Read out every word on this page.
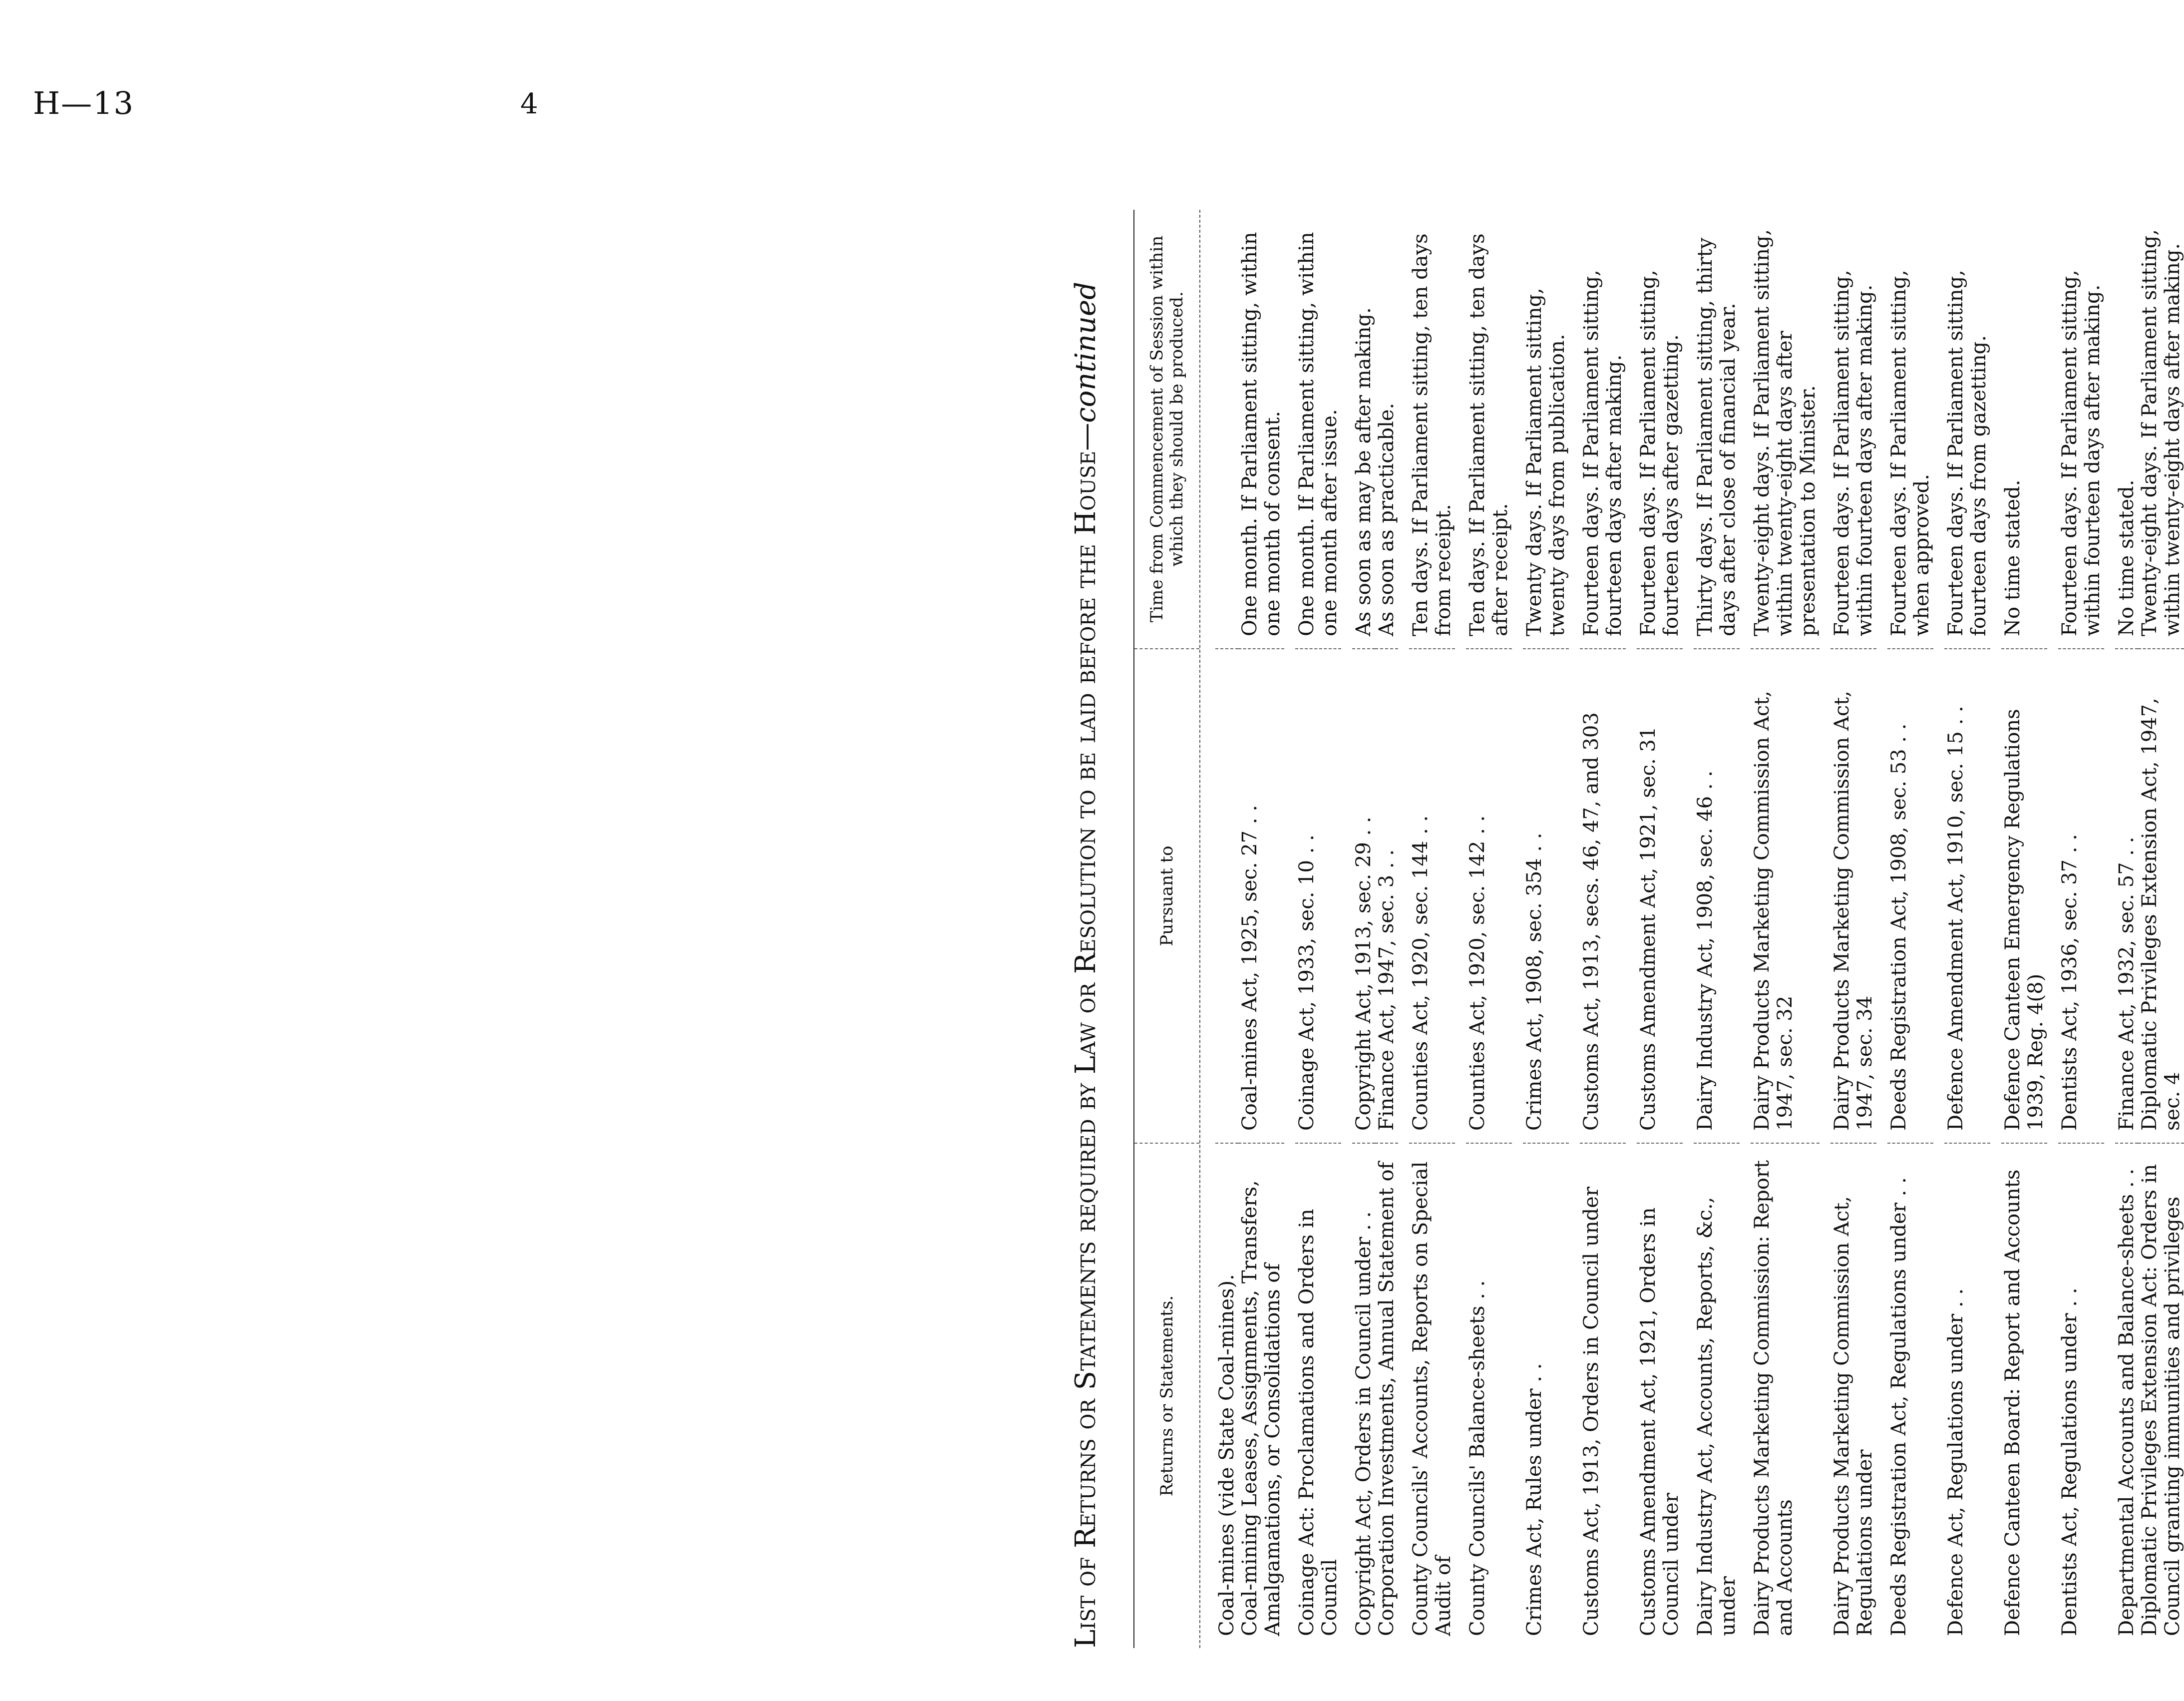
H—13	4
List of Returns or Statements required by Law or Resolution to be laid before the House—continued
Returns or Statements.
Pursuant to
Time from Commencement of Session within which they should be produced.
Coal-mines (vide State Coal-mines). Coal-mining Leases, Assignments, Transfers, Amalgamations, or Consolidations of
Coal-mines Act, 1925, sec. 27 . .
One month. If Parliament sitting, within one month of consent.
Coinage Act: Proclamations and Orders in Council
Coinage Act, 1933, sec. 10 . .
One month. If Parliament sitting, within one month after issue.
Copyright Act, Orders in Council under . .
Copyright Act, 1913, sec. 29 . .
As soon as may be after making.
Corporation Investments, Annual Statement of
Finance Act, 1947, sec. 3 . .
As soon as practicable.
County Councils' Accounts, Reports on Special Audit of
Counties Act, 1920, sec. 144 . .
Ten days. If Parliament sitting, ten days from receipt.
County Councils' Balance-sheets . .
Counties Act, 1920, sec. 142 . .
Ten days. If Parliament sitting, ten days after receipt.
Crimes Act, Rules under . .
Crimes Act, 1908, sec. 354 . .
Twenty days. If Parliament sitting, twenty days from publication.
Customs Act, 1913, Orders in Council under
Customs Act, 1913, secs. 46, 47, and 303
Fourteen days. If Parliament sitting, fourteen days after making.
Customs Amendment Act, 1921, Orders in Council under
Customs Amendment Act, 1921, sec. 31
Fourteen days. If Parliament sitting, fourteen days after gazetting.
Dairy Industry Act, Accounts, Reports, &c., under
Dairy Industry Act, 1908, sec. 46 . .
Thirty days. If Parliament sitting, thirty days after close of financial year.
Dairy Products Marketing Commission: Report and Accounts
Dairy Products Marketing Commission Act, 1947, sec. 32
Twenty-eight days. If Parliament sitting, within twenty-eight days after presentation to Minister.
Dairy Products Marketing Commission Act, Regulations under
Dairy Products Marketing Commission Act, 1947, sec. 34
Fourteen days. If Parliament sitting, within fourteen days after making.
Deeds Registration Act, Regulations under . .
Deeds Registration Act, 1908, sec. 53 . .
Fourteen days. If Parliament sitting, when approved.
Defence Act, Regulations under . .
Defence Amendment Act, 1910, sec. 15 . .
Fourteen days. If Parliament sitting, fourteen days from gazetting.
Defence Canteen Board: Report and Accounts
Defence Canteen Emergency Regulations 1939, Reg. 4(8)
No time stated.
Dentists Act, Regulations under . .
Dentists Act, 1936, sec. 37 . .
Fourteen days. If Parliament sitting, within fourteen days after making.
Departmental Accounts and Balance-sheets . .
Finance Act, 1932, sec. 57 . .
No time stated.
Diplomatic Privileges Extension Act: Orders in Council granting immunities and privileges
Diplomatic Privileges Extension Act, 1947, sec. 4
Twenty-eight days. If Parliament sitting, within twenty-eight days after making.
